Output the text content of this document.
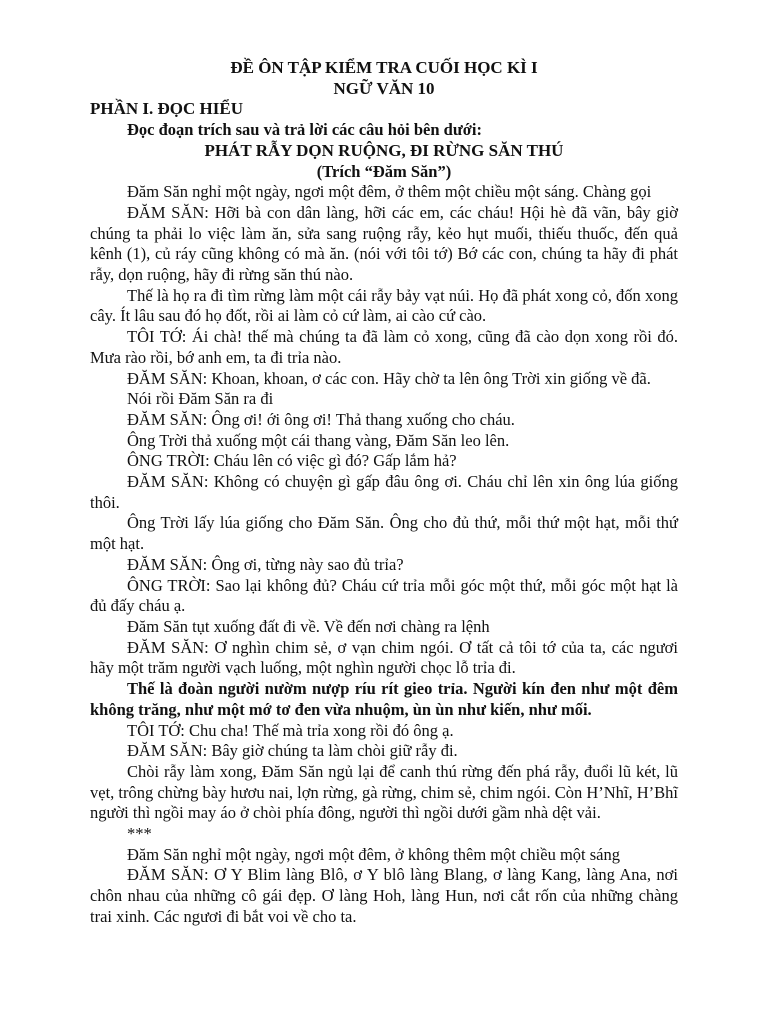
ĐỀ ÔN TẬP KIỂM TRA CUỐI HỌC KÌ I
NGỮ VĂN 10
PHẦN I. ĐỌC HIỂU
Đọc đoạn trích sau và trả lời các câu hỏi bên dưới:
PHÁT RẪY DỌN RUỘNG, ĐI RỪNG SĂN THÚ
(Trích “Đăm Săn”)

Đăm Săn nghỉ một ngày, ngơi một đêm, ở thêm một chiều một sáng. Chàng gọi

ĐĂM SĂN: Hỡi bà con dân làng, hỡi các em, các cháu! Hội hè đã vãn, bây giờ chúng ta phải lo việc làm ăn, sửa sang ruộng rẫy, kẻo hụt muối, thiếu thuốc, đến quả kênh (1), củ ráy cũng không có mà ăn. (nói với tôi tớ) Bớ các con, chúng ta hãy đi phát rẫy, dọn ruộng, hãy đi rừng săn thú nào.

Thế là họ ra đi tìm rừng làm một cái rẫy bảy vạt núi. Họ đã phát xong cỏ, đốn xong cây. Ít lâu sau đó họ đốt, rồi ai làm cỏ cứ làm, ai cào cứ cào.

TÔI TỚ: Ái chà! thế mà chúng ta đã làm cỏ xong, cũng đã cào dọn xong rồi đó. Mưa rào rồi, bớ anh em, ta đi trỉa nào.

ĐĂM SĂN: Khoan, khoan, ơ các con. Hãy chờ ta lên ông Trời xin giống về đã.

Nói rồi Đăm Săn ra đi

ĐĂM SĂN: Ông ơi! ới ông ơi! Thả thang xuống cho cháu.

Ông Trời thả xuống một cái thang vàng, Đăm Săn leo lên.

ÔNG TRỜI: Cháu lên có việc gì đó? Gấp lắm hả?

ĐĂM SĂN: Không có chuyện gì gấp đâu ông ơi. Cháu chỉ lên xin ông lúa giống thôi.

Ông Trời lấy lúa giống cho Đăm Săn. Ông cho đủ thứ, mỗi thứ một hạt, mỗi thứ một hạt.

ĐĂM SĂN: Ông ơi, từng này sao đủ trỉa?

ÔNG TRỜI: Sao lại không đủ? Cháu cứ trỉa mỗi góc một thứ, mỗi góc một hạt là đủ đấy cháu ạ.

Đăm Săn tụt xuống đất đi về. Về đến nơi chàng ra lệnh

ĐĂM SĂN: Ơ nghìn chim sẻ, ơ vạn chim ngói. Ơ tất cả tôi tớ của ta, các ngươi hãy một trăm người vạch luống, một nghìn người chọc lỗ trỉa đi.

Thế là đoàn người nườm nượp ríu rít gieo trỉa. Người kín đen như một đêm không trăng, như một mớ tơ đen vừa nhuộm, ùn ùn như kiến, như mối.

TÔI TỚ: Chu cha! Thế mà trỉa xong rồi đó ông ạ.

ĐĂM SĂN: Bây giờ chúng ta làm chòi giữ rẫy đi.

Chòi rẫy làm xong, Đăm Săn ngủ lại để canh thú rừng đến phá rẫy, đuổi lũ két, lũ vẹt, trông chừng bày hươu nai, lợn rừng, gà rừng, chim sẻ, chim ngói. Còn H’Nhĩ, H’Bhĩ người thì ngồi may áo ở chòi phía đông, người thì ngồi dưới gầm nhà dệt vải.

***

Đăm Săn nghỉ một ngày, ngơi một đêm, ở không thêm một chiều một sáng

ĐĂM SĂN: Ơ Y Blim làng Blô, ơ Y blô làng Blang, ơ làng Kang, làng Ana, nơi chôn nhau của những cô gái đẹp. Ơ làng Hoh, làng Hun, nơi cắt rốn của những chàng trai xinh. Các ngươi đi bắt voi về cho ta.
